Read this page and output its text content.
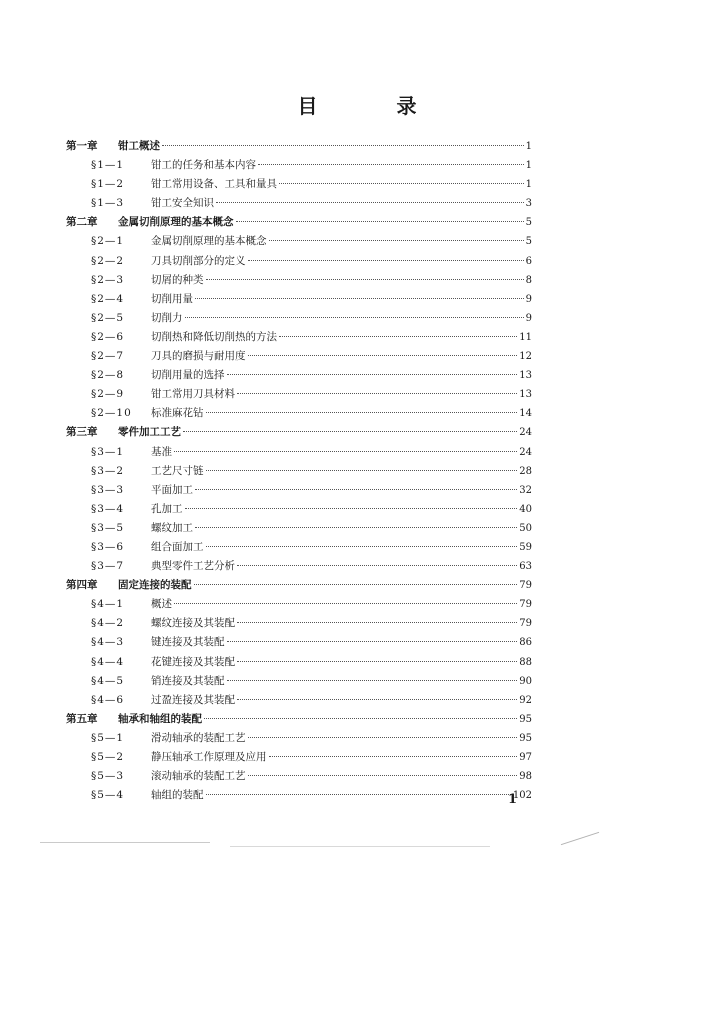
目 录
第一章	钳工概述	1
§1—1	钳工的任务和基本内容	1
§1—2	钳工常用设备、工具和量具	1
§1—3	钳工安全知识	3
第二章	金属切削原理的基本概念	5
§2—1	金属切削原理的基本概念	5
§2—2	刀具切削部分的定义	6
§2—3	切屑的种类	8
§2—4	切削用量	9
§2—5	切削力	9
§2—6	切削热和降低切削热的方法	11
§2—7	刀具的磨损与耐用度	12
§2—8	切削用量的选择	13
§2—9	钳工常用刀具材料	13
§2—10	标准麻花钻	14
第三章	零件加工工艺	24
§3—1	基准	24
§3—2	工艺尺寸链	28
§3—3	平面加工	32
§3—4	孔加工	40
§3—5	螺纹加工	50
§3—6	组合面加工	59
§3—7	典型零件工艺分析	63
第四章	固定连接的装配	79
§4—1	概述	79
§4—2	螺纹连接及其装配	79
§4—3	键连接及其装配	86
§4—4	花键连接及其装配	88
§4—5	销连接及其装配	90
§4—6	过盈连接及其装配	92
第五章	轴承和轴组的装配	95
§5—1	滑动轴承的装配工艺	95
§5—2	静压轴承工作原理及应用	97
§5—3	滚动轴承的装配工艺	98
§5—4	轴组的装配	102
1
